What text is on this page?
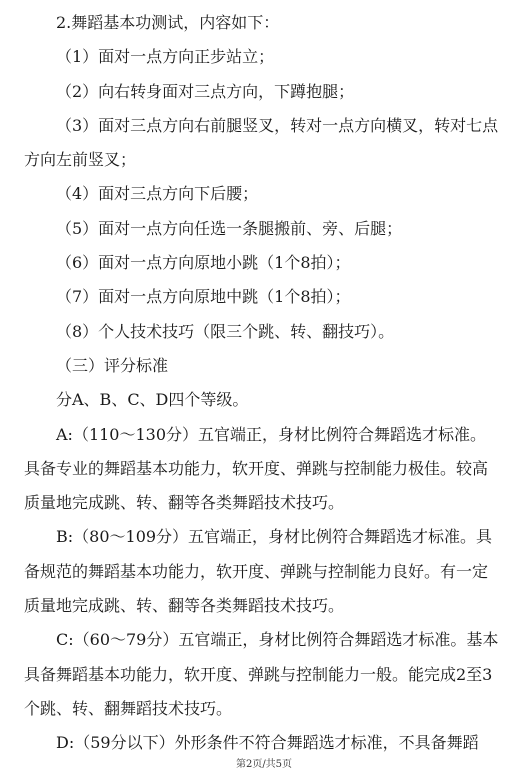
2.舞蹈基本功测试，内容如下：

（1）面对一点方向正步站立；

（2）向右转身面对三点方向，下蹲抱腿；

（3）面对三点方向右前腿竖叉，转对一点方向横叉，转对七点方向左前竖叉；

（4）面对三点方向下后腰；

（5）面对一点方向任选一条腿搬前、旁、后腿；

（6）面对一点方向原地小跳（1个8拍）；

（7）面对一点方向原地中跳（1个8拍）；

（8）个人技术技巧（限三个跳、转、翻技巧）。

（三）评分标准

分A、B、C、D四个等级。

A:（110～130分）五官端正，身材比例符合舞蹈选才标准。具备专业的舞蹈基本功能力，软开度、弹跳与控制能力极佳。较高质量地完成跳、转、翻等各类舞蹈技术技巧。

B:（80～109分）五官端正，身材比例符合舞蹈选才标准。具备规范的舞蹈基本功能力，软开度、弹跳与控制能力良好。有一定质量地完成跳、转、翻等各类舞蹈技术技巧。

C:（60～79分）五官端正，身材比例符合舞蹈选才标准。基本具备舞蹈基本功能力，软开度、弹跳与控制能力一般。能完成2至3个跳、转、翻舞蹈技术技巧。

D:（59分以下）外形条件不符合舞蹈选才标准，不具备舞蹈

第2页/共5页
